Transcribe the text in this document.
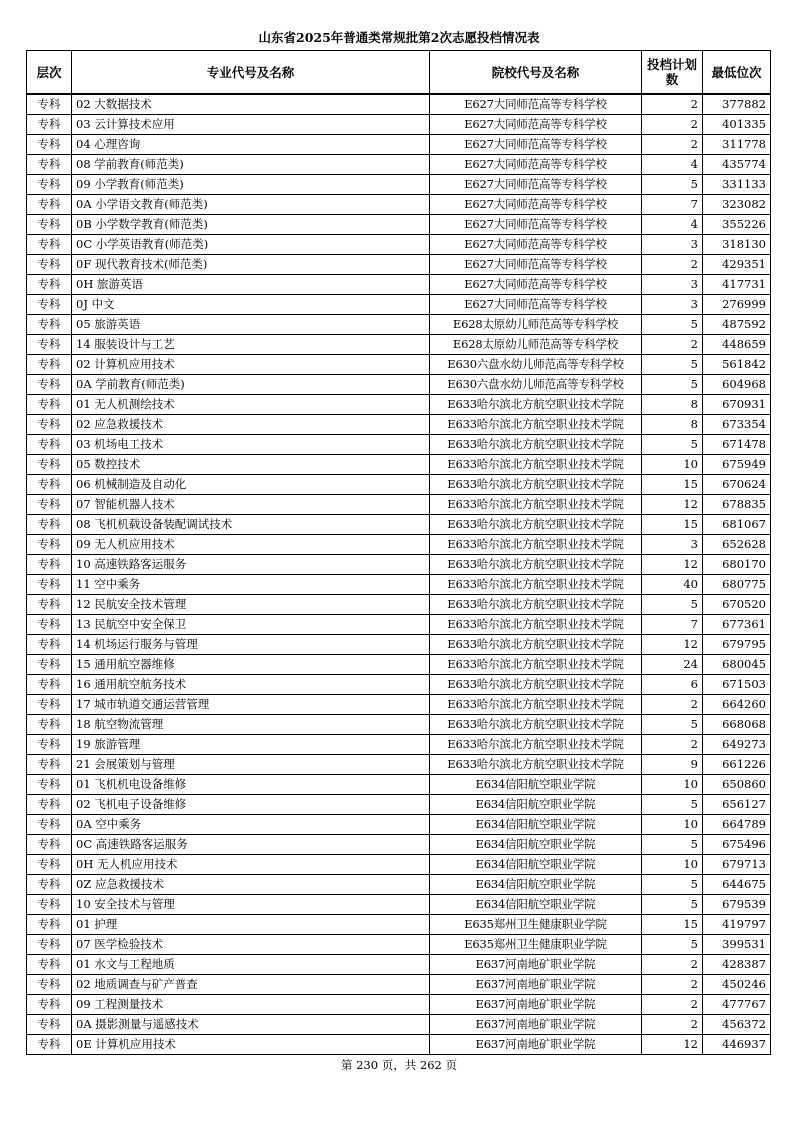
山东省2025年普通类常规批第2次志愿投档情况表
层次	专业代号及名称	院校代号及名称	投档计划数	最低位次
专科	02 大数据技术	E627大同师范高等专科学校	2	377882
专科	03 云计算技术应用	E627大同师范高等专科学校	2	401335
专科	04 心理咨询	E627大同师范高等专科学校	2	311778
专科	08 学前教育(师范类)	E627大同师范高等专科学校	4	435774
专科	09 小学教育(师范类)	E627大同师范高等专科学校	5	331133
专科	0A 小学语文教育(师范类)	E627大同师范高等专科学校	7	323082
专科	0B 小学数学教育(师范类)	E627大同师范高等专科学校	4	355226
专科	0C 小学英语教育(师范类)	E627大同师范高等专科学校	3	318130
专科	0F 现代教育技术(师范类)	E627大同师范高等专科学校	2	429351
专科	0H 旅游英语	E627大同师范高等专科学校	3	417731
专科	0J 中文	E627大同师范高等专科学校	3	276999
专科	05 旅游英语	E628太原幼儿师范高等专科学校	5	487592
专科	14 服装设计与工艺	E628太原幼儿师范高等专科学校	2	448659
专科	02 计算机应用技术	E630六盘水幼儿师范高等专科学校	5	561842
专科	0A 学前教育(师范类)	E630六盘水幼儿师范高等专科学校	5	604968
专科	01 无人机测绘技术	E633哈尔滨北方航空职业技术学院	8	670931
专科	02 应急救援技术	E633哈尔滨北方航空职业技术学院	8	673354
专科	03 机场电工技术	E633哈尔滨北方航空职业技术学院	5	671478
专科	05 数控技术	E633哈尔滨北方航空职业技术学院	10	675949
专科	06 机械制造及自动化	E633哈尔滨北方航空职业技术学院	15	670624
专科	07 智能机器人技术	E633哈尔滨北方航空职业技术学院	12	678835
专科	08 飞机机载设备装配调试技术	E633哈尔滨北方航空职业技术学院	15	681067
专科	09 无人机应用技术	E633哈尔滨北方航空职业技术学院	3	652628
专科	10 高速铁路客运服务	E633哈尔滨北方航空职业技术学院	12	680170
专科	11 空中乘务	E633哈尔滨北方航空职业技术学院	40	680775
专科	12 民航安全技术管理	E633哈尔滨北方航空职业技术学院	5	670520
专科	13 民航空中安全保卫	E633哈尔滨北方航空职业技术学院	7	677361
专科	14 机场运行服务与管理	E633哈尔滨北方航空职业技术学院	12	679795
专科	15 通用航空器维修	E633哈尔滨北方航空职业技术学院	24	680045
专科	16 通用航空航务技术	E633哈尔滨北方航空职业技术学院	6	671503
专科	17 城市轨道交通运营管理	E633哈尔滨北方航空职业技术学院	2	664260
专科	18 航空物流管理	E633哈尔滨北方航空职业技术学院	5	668068
专科	19 旅游管理	E633哈尔滨北方航空职业技术学院	2	649273
专科	21 会展策划与管理	E633哈尔滨北方航空职业技术学院	9	661226
专科	01 飞机机电设备维修	E634信阳航空职业学院	10	650860
专科	02 飞机电子设备维修	E634信阳航空职业学院	5	656127
专科	0A 空中乘务	E634信阳航空职业学院	10	664789
专科	0C 高速铁路客运服务	E634信阳航空职业学院	5	675496
专科	0H 无人机应用技术	E634信阳航空职业学院	10	679713
专科	0Z 应急救援技术	E634信阳航空职业学院	5	644675
专科	10 安全技术与管理	E634信阳航空职业学院	5	679539
专科	01 护理	E635郑州卫生健康职业学院	15	419797
专科	07 医学检验技术	E635郑州卫生健康职业学院	5	399531
专科	01 水文与工程地质	E637河南地矿职业学院	2	428387
专科	02 地质调查与矿产普查	E637河南地矿职业学院	2	450246
专科	09 工程测量技术	E637河南地矿职业学院	2	477767
专科	0A 摄影测量与遥感技术	E637河南地矿职业学院	2	456372
专科	0E 计算机应用技术	E637河南地矿职业学院	12	446937
第 230 页，共 262 页
